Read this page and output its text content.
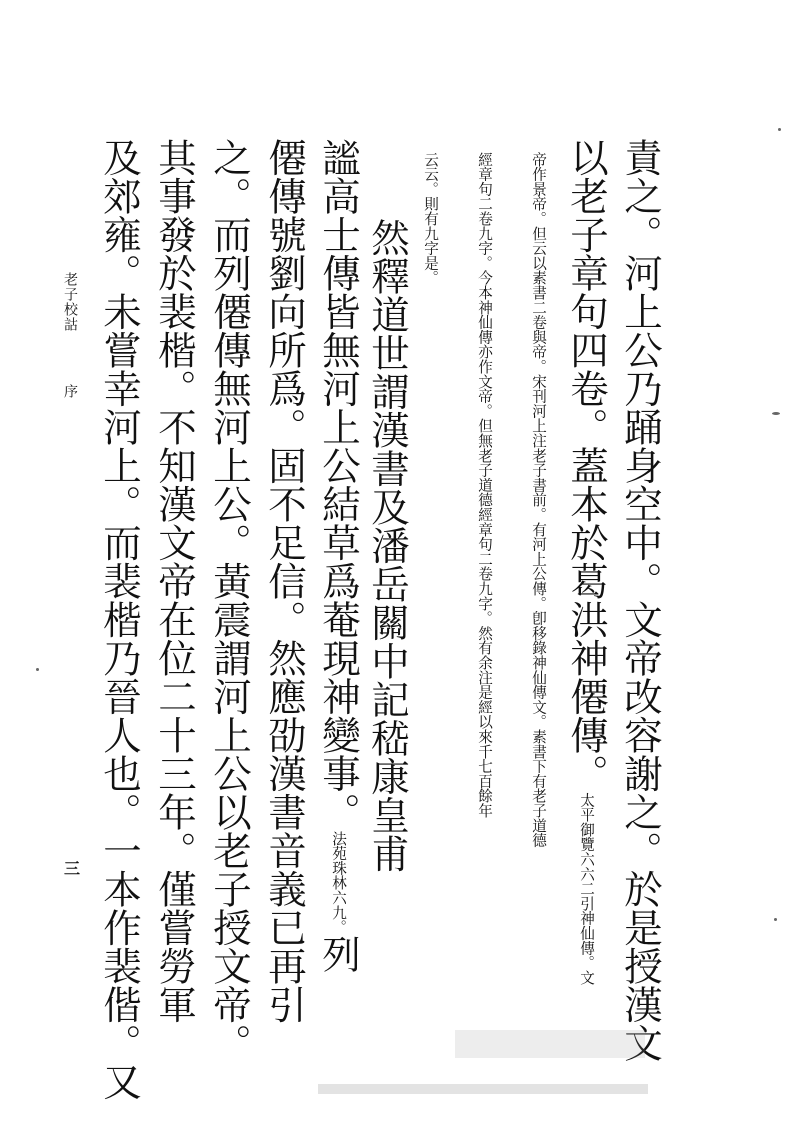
責之。河上公乃踊身空中。文帝改容謝之。於是授漢文

以老子章句四卷。蓋本於葛洪神僊傳。太平御覽六六二引神仙傳。文

帝作景帝。但云以素書二卷與帝。宋刊河上注老子書前。有河上公傳。卽移錄神仙傳文。素書下有老子道德

經章句二卷九字。今本神仙傳亦作文帝。但無老子道德經章句二卷九字。然有余注是經以來千七百餘年

云云。則有九字是。

然釋道世謂漢書及潘岳關中記嵇康皇甫

謐高士傳皆無河上公結草爲菴現神變事。法苑珠林六九。列

僊傳號劉向所爲。固不足信。然應劭漢書音義已再引

之。而列僊傳無河上公。黃震謂河上公以老子授文帝。

其事發於裴楷。不知漢文帝在位二十三年。僅嘗勞軍

及郊雍。未嘗幸河上。而裴楷乃晉人也。一本作裴偕。又

老子校詁  序
三
